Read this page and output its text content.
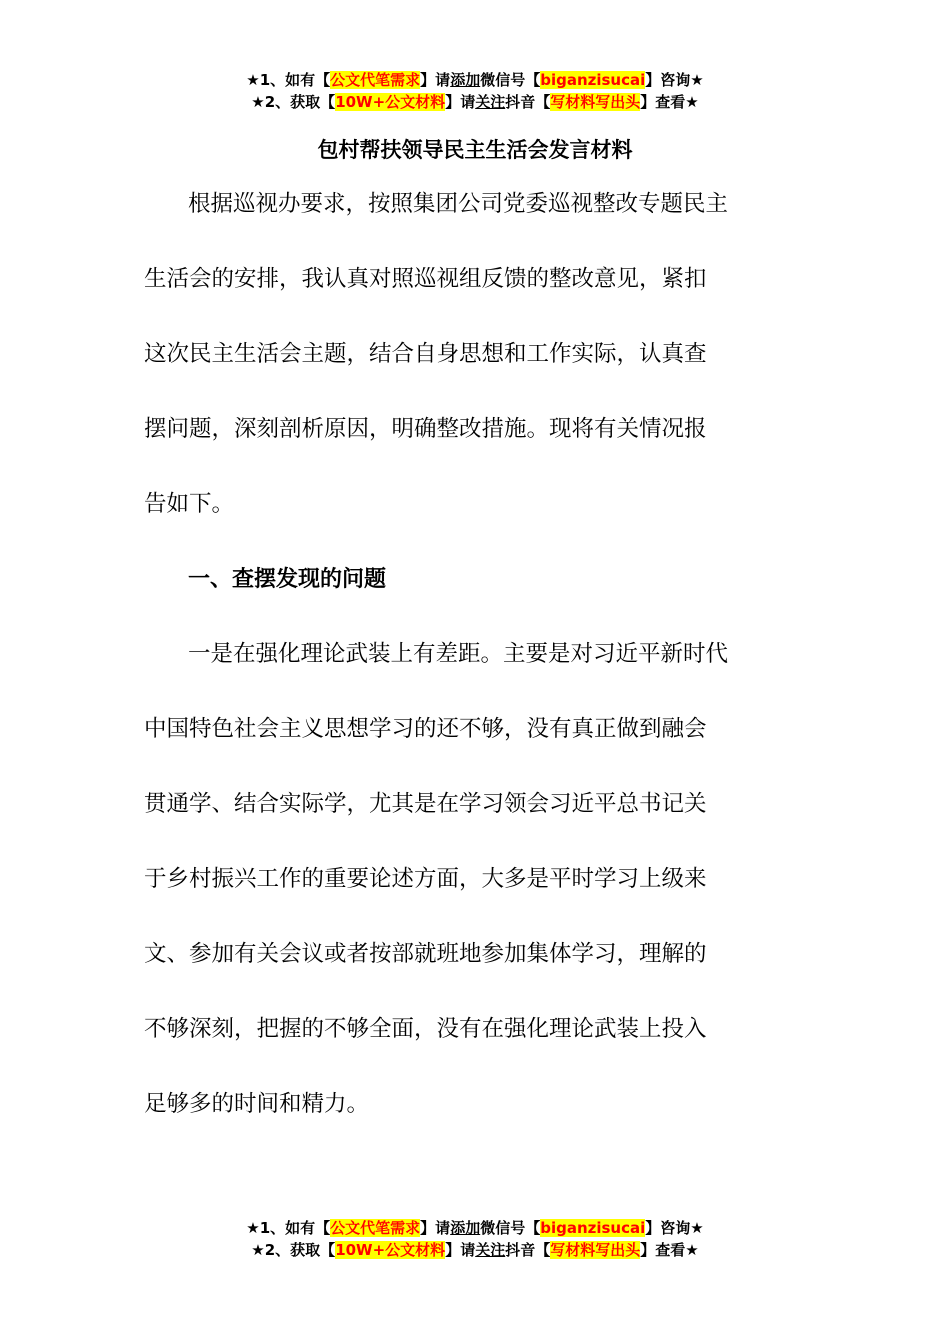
★1、如有【公文代笔需求】请添加微信号【biganzisucai】咨询★
★2、获取【10W+公文材料】请关注抖音【写材料写出头】查看★
包村帮扶领导民主生活会发言材料
根据巡视办要求，按照集团公司党委巡视整改专题民主
生活会的安排，我认真对照巡视组反馈的整改意见，紧扣
这次民主生活会主题，结合自身思想和工作实际，认真查
摆问题，深刻剖析原因，明确整改措施。现将有关情况报
告如下。
一、查摆发现的问题
一是在强化理论武装上有差距。主要是对习近平新时代
中国特色社会主义思想学习的还不够，没有真正做到融会
贯通学、结合实际学，尤其是在学习领会习近平总书记关
于乡村振兴工作的重要论述方面，大多是平时学习上级来
文、参加有关会议或者按部就班地参加集体学习，理解的
不够深刻，把握的不够全面，没有在强化理论武装上投入
足够多的时间和精力。
★1、如有【公文代笔需求】请添加微信号【biganzisucai】咨询★
★2、获取【10W+公文材料】请关注抖音【写材料写出头】查看★
